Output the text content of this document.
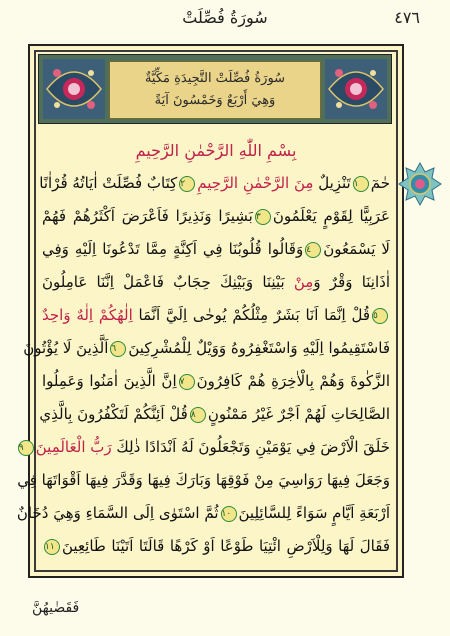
سُورَةُ فُصِّلَتْ	٤٧٦
سُورَةُ فُصِّلَتْ التَّجِيدَةِ مَكِّيَّةٌ
وَهِيَ أَرْبَعٌ وَخَمْسُونَ آيَةً
بِسْمِ اللّٰهِ الرَّحْمٰنِ الرَّحِيمِ
حٰمٓ١تَنْزِيلٌ مِنَ الرَّحْمٰنِ الرَّحِيمِ٢كِتَابٌ فُصِّلَتْ اٰيَاتُهُ قُرْاٰنًا
عَرَبِيًّا لِقَوْمٍ يَعْلَمُونَ٣بَشِيرًا وَنَذِيرًا فَاَعْرَضَ اَكْثَرُهُمْ فَهُمْ
لَا يَسْمَعُونَ٤وَقَالُوا قُلُوبُنَا فِي اَكِنَّةٍ مِمَّا تَدْعُونَا اِلَيْهِ وَفِي
اٰذَانِنَا وَقْرٌ وَمِنْ بَيْنِنَا وَبَيْنِكَ حِجَابٌ فَاعْمَلْ اِنَّنَا عَامِلُونَ
٥قُلْ اِنَّمَا اَنَا بَشَرٌ مِثْلُكُمْ يُوحٰى اِلَيَّ اَنَّمَا اِلٰهُكُمْ اِلٰهٌ وَاحِدٌ
فَاسْتَقِيمُوا اِلَيْهِ وَاسْتَغْفِرُوهُ وَوَيْلٌ لِلْمُشْرِكِينَ٦اَلَّذِينَ لَا يُؤْتُونَ
الزَّكٰوةَ وَهُمْ بِالْاٰخِرَةِ هُمْ كَافِرُونَ٧اِنَّ الَّذِينَ اٰمَنُوا وَعَمِلُوا
الصَّالِحَاتِ لَهُمْ اَجْرٌ غَيْرُ مَمْنُونٍ٨قُلْ اَئِنَّكُمْ لَتَكْفُرُونَ بِالَّذِي
خَلَقَ الْاَرْضَ فِي يَوْمَيْنِ وَتَجْعَلُونَ لَهُ اَنْدَادًا ذٰلِكَ رَبُّ الْعَالَمِينَ٩
وَجَعَلَ فِيهَا رَوَاسِيَ مِنْ فَوْقِهَا وَبَارَكَ فِيهَا وَقَدَّرَ فِيهَا اَقْوَاتَهَا فِي
اَرْبَعَةِ اَيَّامٍ سَوَاءً لِلسَّائِلِينَ١٠ثُمَّ اسْتَوٰى اِلَى السَّمَاءِ وَهِيَ دُخَانٌ
فَقَالَ لَهَا وَلِلْاَرْضِ ائْتِيَا طَوْعًا اَوْ كَرْهًا قَالَتَا اَتَيْنَا طَائِعِينَ١١
فَقَضٰيهُنَّ
